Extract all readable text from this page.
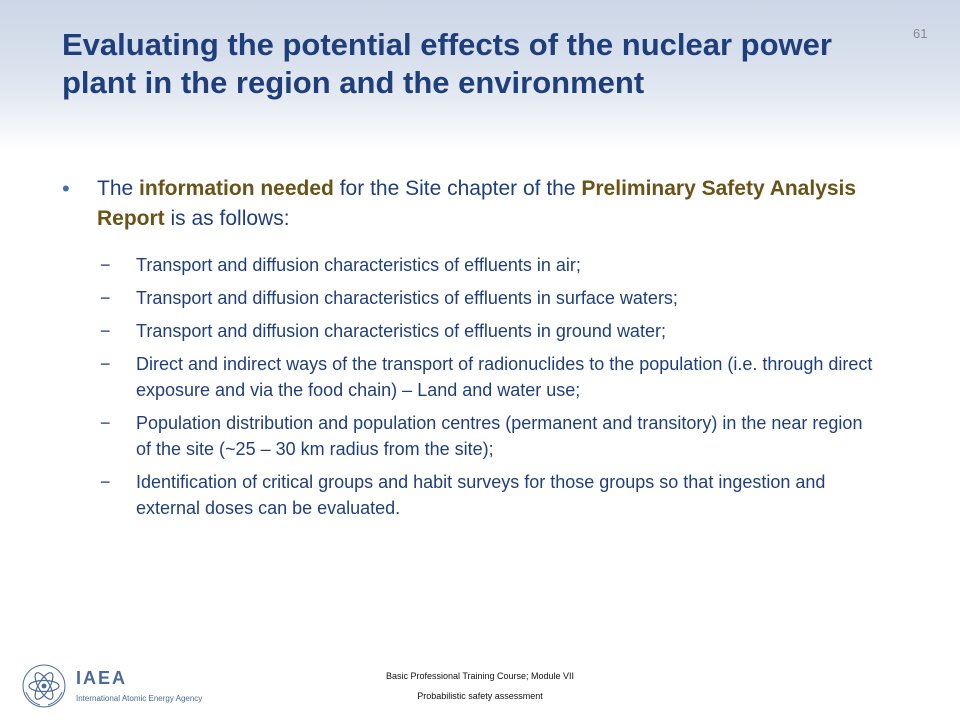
Evaluating the potential effects of the nuclear power plant in the region and the environment
61
• The information needed for the Site chapter of the Preliminary Safety Analysis Report is as follows:
− Transport and diffusion characteristics of effluents in air;
− Transport and diffusion characteristics of effluents in surface waters;
− Transport and diffusion characteristics of effluents in ground water;
− Direct and indirect ways of the transport of radionuclides to the population (i.e. through direct exposure and via the food chain) – Land and water use;
− Population distribution and population centres (permanent and transitory) in the near region of the site (~25 – 30 km radius from the site);
− Identification of critical groups and habit surveys for those groups so that ingestion and external doses can be evaluated.
IAEA
International Atomic Energy Agency
Basic Professional Training Course; Module VII
Probabilistic safety assessment
